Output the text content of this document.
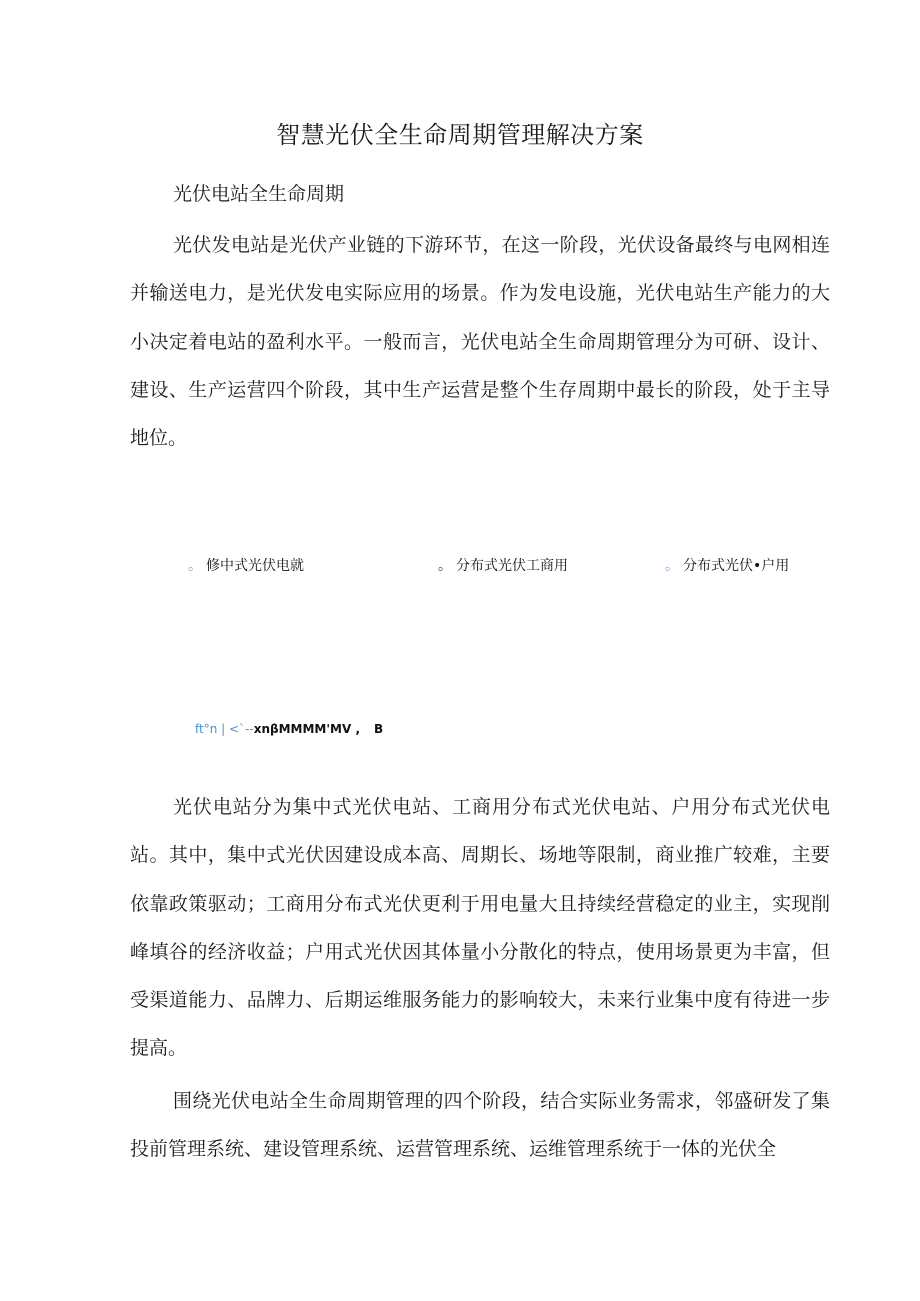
智慧光伏全生命周期管理解决方案
光伏电站全生命周期

光伏发电站是光伏产业链的下游环节，在这一阶段，光伏设备最终与电网相连并输送电力，是光伏发电实际应用的场景。作为发电设施，光伏电站生产能力的大小决定着电站的盈利水平。一般而言，光伏电站全生命周期管理分为可研、设计、建设、生产运营四个阶段，其中生产运营是整个生存周期中最长的阶段，处于主导地位。

。 修中式光伏电就	。 分布式光伏工商用	。 分布式光伏•户用
ft°n | <`--xnβMMMM'MV , B

光伏电站分为集中式光伏电站、工商用分布式光伏电站、户用分布式光伏电站。其中，集中式光伏因建设成本高、周期长、场地等限制，商业推广较难，主要依靠政策驱动；工商用分布式光伏更利于用电量大且持续经营稳定的业主，实现削峰填谷的经济收益；户用式光伏因其体量小分散化的特点，使用场景更为丰富，但受渠道能力、品牌力、后期运维服务能力的影响较大，未来行业集中度有待进一步提高。

围绕光伏电站全生命周期管理的四个阶段，结合实际业务需求，邻盛研发了集投前管理系统、建设管理系统、运营管理系统、运维管理系统于一体的光伏全
